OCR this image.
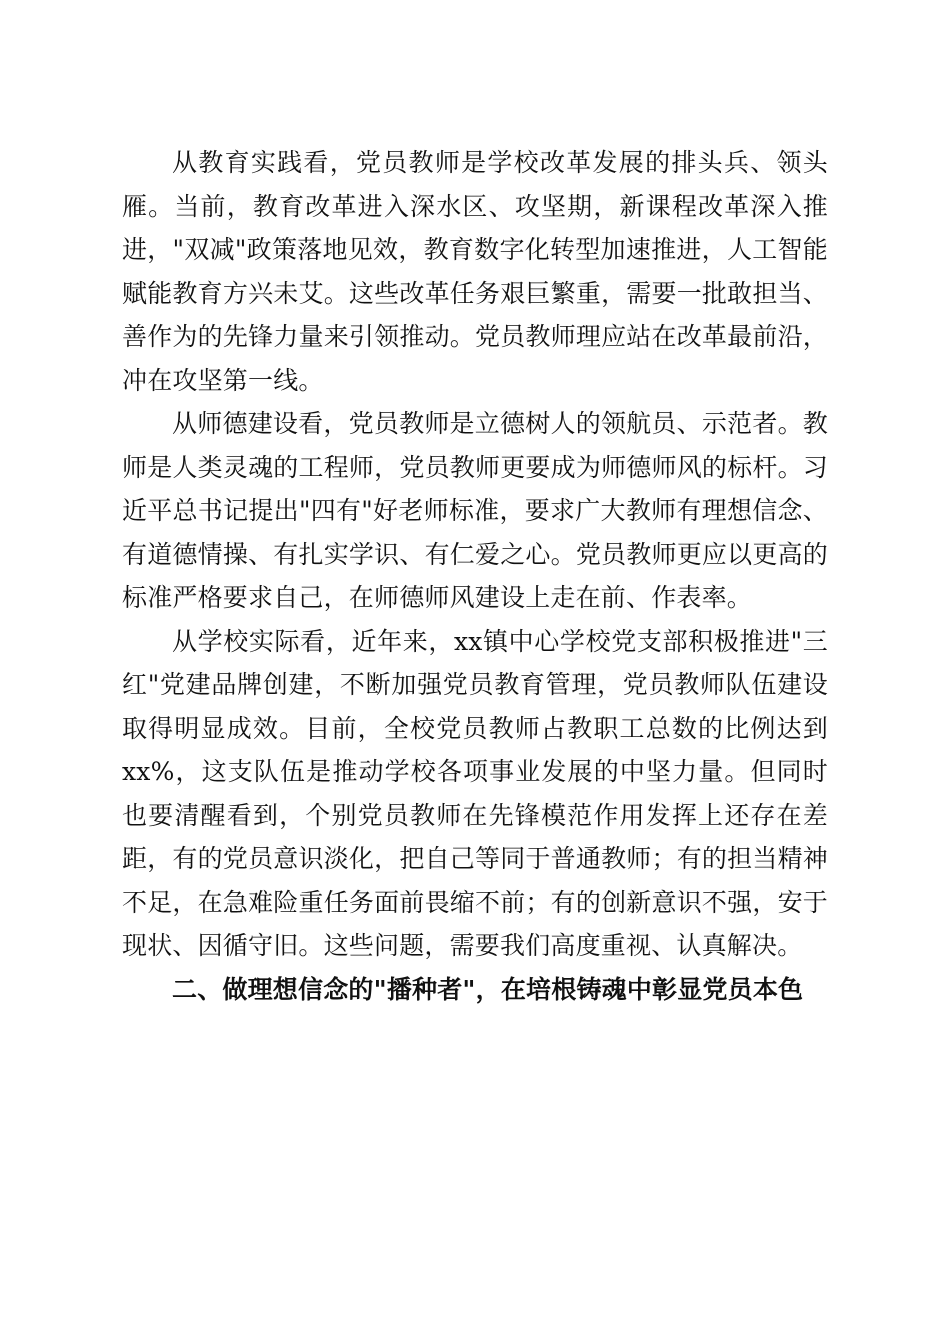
从教育实践看，党员教师是学校改革发展的排头兵、领头雁。当前，教育改革进入深水区、攻坚期，新课程改革深入推进，"双减"政策落地见效，教育数字化转型加速推进，人工智能赋能教育方兴未艾。这些改革任务艰巨繁重，需要一批敢担当、善作为的先锋力量来引领推动。党员教师理应站在改革最前沿，冲在攻坚第一线。

从师德建设看，党员教师是立德树人的领航员、示范者。教师是人类灵魂的工程师，党员教师更要成为师德师风的标杆。习近平总书记提出"四有"好老师标准，要求广大教师有理想信念、有道德情操、有扎实学识、有仁爱之心。党员教师更应以更高的标准严格要求自己，在师德师风建设上走在前、作表率。

从学校实际看，近年来，xx镇中心学校党支部积极推进"三红"党建品牌创建，不断加强党员教育管理，党员教师队伍建设取得明显成效。目前，全校党员教师占教职工总数的比例达到xx%，这支队伍是推动学校各项事业发展的中坚力量。但同时也要清醒看到，个别党员教师在先锋模范作用发挥上还存在差距，有的党员意识淡化，把自己等同于普通教师；有的担当精神不足，在急难险重任务面前畏缩不前；有的创新意识不强，安于现状、因循守旧。这些问题，需要我们高度重视、认真解决。

二、做理想信念的"播种者"，在培根铸魂中彰显党员本色
